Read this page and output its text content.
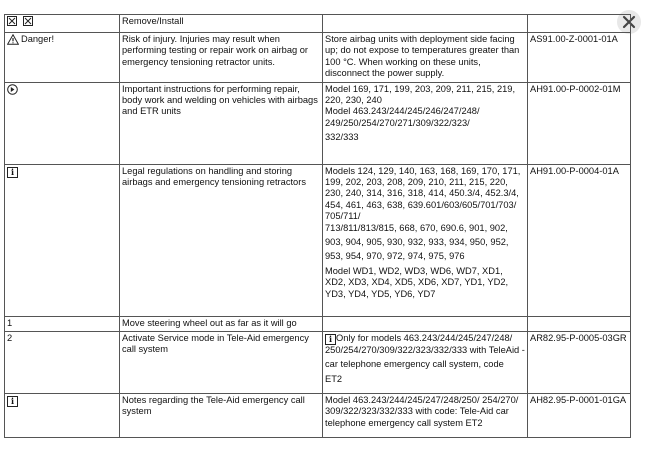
	Remove/Install		
Danger!	Risk of injury. Injuries may result when performing testing or repair work on airbag or emergency tensioning retractor units.	Store airbag units with deployment side facing up; do not expose to temperatures greater than 100 °C. When working on these units, disconnect the power supply.	AS91.00-Z-0001-01A
	Important instructions for performing repair, body work and welding on vehicles with airbags and ETR units	Model 169, 171, 199, 203, 209, 211, 215, 219, 220, 230, 240

Model 463.243/244/245/246/247/248/ 249/250/254/270/271/309/322/323/

332/333	AH91.00-P-0002-01M
i	Legal regulations on handling and storing airbags and emergency tensioning retractors	Models 124, 129, 140, 163, 168, 169, 170, 171, 199, 202, 203, 208, 209, 210, 211, 215, 220, 230, 240, 314, 316, 318, 414, 450.3/4, 452.3/4, 454, 461, 463, 638, 639.601/603/605/701/703/ 705/711/

713/811/813/815, 668, 670, 690.6, 901, 902,

903, 904, 905, 930, 932, 933, 934, 950, 952,

953, 954, 970, 972, 974, 975, 976

Model WD1, WD2, WD3, WD6, WD7, XD1, XD2, XD3, XD4, XD5, XD6, XD7, YD1, YD2, YD3, YD4, YD5, YD6, YD7	AH91.00-P-0004-01A
1	Move steering wheel out as far as it will go		
2	Activate Service mode in Tele-Aid emergency call system	i Only for models 463.243/244/245/247/248/ 250/254/270/309/322/323/332/333 with TeleAid -

car telephone emergency call system, code

ET2	AR82.95-P-0005-03GR
i	Notes regarding the Tele-Aid emergency call system	Model 463.243/244/245/247/248/250/ 254/270/ 309/322/323/332/333 with code: Tele-Aid car telephone emergency call system ET2	AH82.95-P-0001-01GA
